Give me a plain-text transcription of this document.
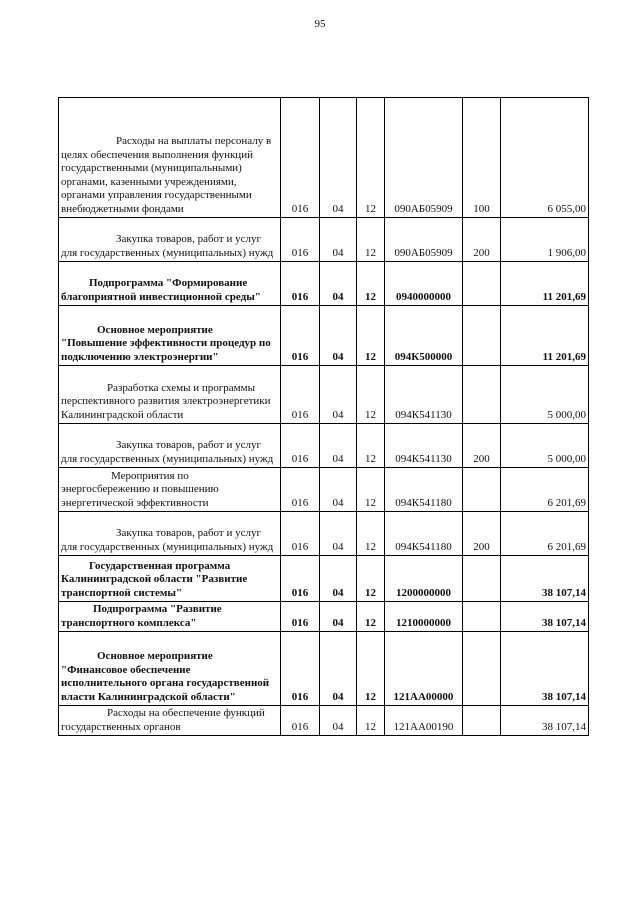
95
Расходы на выплаты персоналу в целях обеспечения выполнения функций государственными (муниципальными) органами, казенными учреждениями, органами управления государственными внебюджетными фондами	016	04	12	090АБ05909	100	6 055,00
Закупка товаров, работ и услуг для государственных (муниципальных) нужд	016	04	12	090АБ05909	200	1 906,00
Подпрограмма "Формирование благоприятной инвестиционной среды"	016	04	12	0940000000		11 201,69
Основное мероприятие "Повышение эффективности процедур по подключению электроэнергии"	016	04	12	094К500000		11 201,69
Разработка схемы и программы перспективного развития электроэнергетики Калининградской области	016	04	12	094К541130		5 000,00
Закупка товаров, работ и услуг для государственных (муниципальных) нужд	016	04	12	094К541130	200	5 000,00
Мероприятия по энергосбережению и повышению энергетической эффективности	016	04	12	094К541180		6 201,69
Закупка товаров, работ и услуг для государственных (муниципальных) нужд	016	04	12	094К541180	200	6 201,69
Государственная программа Калининградской области "Развитие транспортной системы"	016	04	12	1200000000		38 107,14
Подпрограмма "Развитие транспортного комплекса"	016	04	12	1210000000		38 107,14
Основное мероприятие "Финансовое обеспечение исполнительного органа государственной власти Калининградской области"	016	04	12	121АА00000		38 107,14
Расходы на обеспечение функций государственных органов	016	04	12	121АА00190		38 107,14
